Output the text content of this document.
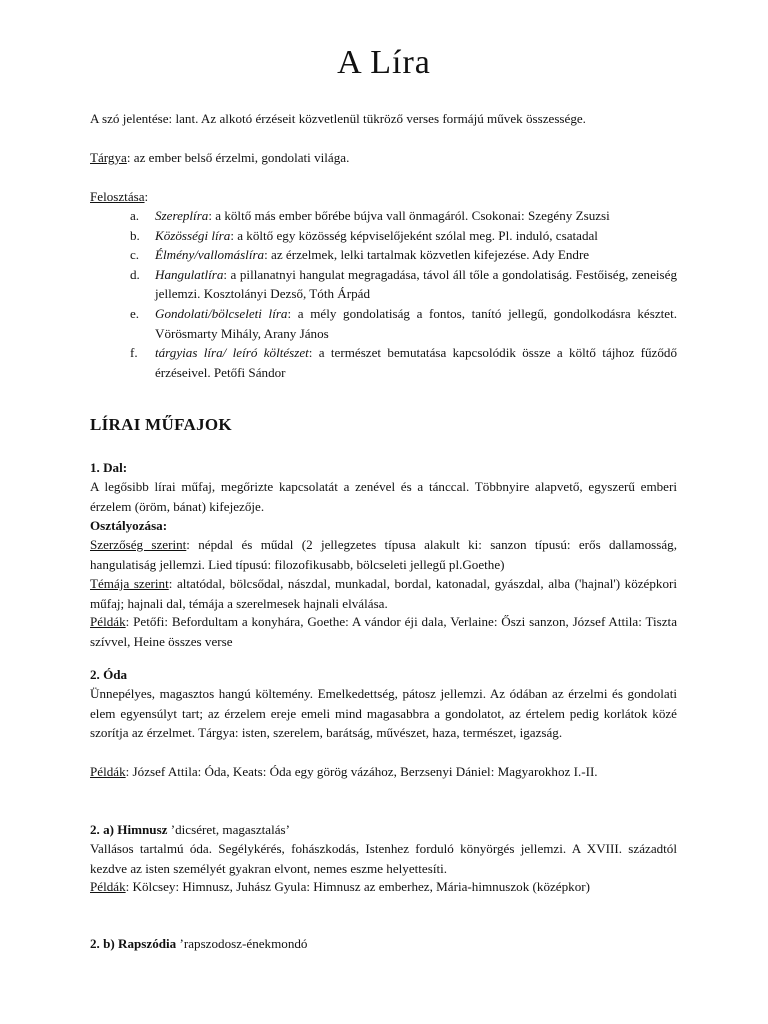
A Líra
A szó jelentése: lant. Az alkotó érzéseit közvetlenül tükröző verses formájú művek összessége.
Tárgya: az ember belső érzelmi, gondolati világa.
Felosztása:
a. Szereplíra: a költő más ember bőrébe bújva vall önmagáról. Csokonai: Szegény Zsuzsi
b. Közösségi líra: a költő egy közösség képviselőjeként szólal meg. Pl. induló, csatadal
c. Élmény/vallomáslíra: az érzelmek, lelki tartalmak közvetlen kifejezése. Ady Endre
d. Hangulatlíra: a pillanatnyi hangulat megragadása, távol áll tőle a gondolatiság. Festőiség, zeneiség jellemzi. Kosztolányi Dezső, Tóth Árpád
e. Gondolati/bölcseleti líra: a mély gondolatiság a fontos, tanító jellegű, gondolkodásra késztet. Vörösmarty Mihály, Arany János
f. tárgyias líra/ leíró költészet: a természet bemutatása kapcsolódik össze a költő tájhoz fűződő érzéseivel. Petőfi Sándor
LÍRAI MŰFAJOK
1. Dal:
A legősibb lírai műfaj, megőrizte kapcsolatát a zenével és a tánccal. Többnyire alapvető, egyszerű emberi érzelem (öröm, bánat) kifejezője.
Osztályozása:
Szerzőség szerint: népdal és műdal (2 jellegzetes típusa alakult ki: sanzon típusú: erős dallamosság, hangulatiság jellemzi. Lied típusú: filozofikusabb, bölcseleti jellegű pl.Goethe)
Témája szerint: altatódal, bölcsődal, nászdal, munkadal, bordal, katonadal, gyászdal, alba ('hajnal') középkori műfaj; hajnali dal, témája a szerelmesek hajnali elválása.
Példák: Petőfi: Befordultam a konyhára, Goethe: A vándor éji dala, Verlaine: Őszi sanzon, József Attila: Tiszta szívvel, Heine összes verse
2. Óda
Ünnepélyes, magasztos hangú költemény. Emelkedettség, pátosz jellemzi. Az ódában az érzelmi és gondolati elem egyensúlyt tart; az érzelem ereje emeli mind magasabbra a gondolatot, az értelem pedig korlátok közé szorítja az érzelmet. Tárgya: isten, szerelem, barátság, művészet, haza, természet, igazság.
Példák: József Attila: Óda, Keats: Óda egy görög vázához, Berzsenyi Dániel: Magyarokhoz I.-II.
2. a) Himnusz ’dicséret, magasztalás’
Vallásos tartalmú óda. Segélykérés, fohászkodás, Istenhez forduló könyörgés jellemzi. A XVIII. századtól kezdve az isten személyét gyakran elvont, nemes eszme helyettesíti.
Példák: Kölcsey: Himnusz, Juhász Gyula: Himnusz az emberhez, Mária-himnuszok (középkor)
2. b) Rapszódia ’rapszodosz-énekmondó
